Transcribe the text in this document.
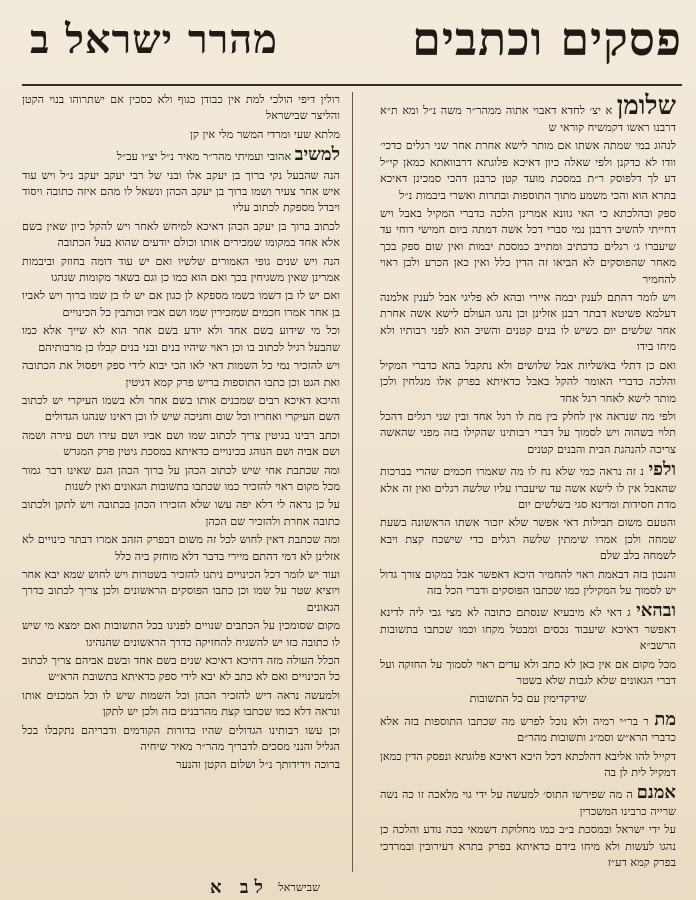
פסקים וכתבים
מהרר ישראל ב

שלומן א יצ׳ לחדא דאבוי אתוה ממהר״ר משה נ״ל ומא ת״א דרבנו ראשו דקמשיח קוראי ש

לנהוג במי שמתה אשתו אם מותר לישא אחרת אחר שני רגלים כדכי׳ וודו לא כדקנן ולפי שאלה כיון דאיכא פלוגתא דרבוואתא כמאן קי״ל דע לך דלפוסק ר״ת במסכת מועד קטן כרבנן דהכי סמכינן דאיכא בתרא הוא והכי משמע מתוך התוספות ובתרות ואשרי ביבמות נ״ל

ספק ובהלכתא כי האי גוונא אמרינן הלכה כדברי המקיל באבל ויש דחייתי להשיב דרבנן נמי סברי דכל אשה דמתה ביום חמישי דוחי עד שיעברו ג׳ רגלים כדכתיב ומתייב כמסכת יבמות ואין שום ספק בכך מאחר שהפוסקים לא הביאו זה הדין כלל ואין כאן הכרע ולכן ראוי להחמיר

ויש לומר דהתם לענין יבמה איירי ובהא לא פליגי אבל לענין אלמנה דעלמא פשיטא דבתר רבנן אזלינן וכן נהגו העולם לישא אשה אחרת אחר שלשים יום כשיש לו בנים קטנים והשיב הוא לפני רבותיו ולא מיחו בידו

ואם כן דתלי באשליות אבל שלושים ולא נתקבל בהא כדברי המקיל והלכה כדברי האומר להקל באבל כדאיתא בפרק אלו מגלחין ולכן מותר לישא לאחר רגל אחד

ולפי מה שנראה אין לחלק בין מת לו רגל אחד ובין שני רגלים דהכל תלוי בשהוה ויש לסמוך על דברי רבותינו שהקילו בזה מפני שהאשה צריכה להנהגת הבית והבנים קטנים

ולפי נ זה נראה כמי שלא נח לו מה שאמרו חכמים שהרי בברכות שהאבל אין לו לישא אשה עד שיעברו עליו שלשה רגלים ואין זה אלא מדת חסידות ומדינא סגי בשלשים יום

והטעם משום תבילות דאי אפשר שלא יזכור אשתו הראשונה בשעת שמחה ולכן אמרו שימתין שלשה רגלים כדי שישכח קצת ויבא לשמחה בלב שלם

והנכון בזה דבאמת ראוי להחמיר היכא דאפשר אבל במקום צורך גדול יש לסמוך על המקילין כמו שכתבו הפוסקים ודברי הכל בזה

ובהאי ג דאי לא מיבעיא שנסתם כתובה לא מצי גבי ליה לדינא דאפשר דאיכא שיעבוד נכסים ומבטל מקחו וכמו שכתבו בתשובות הרשב״א

מכל מקום אם אין כאן לא כתב ולא עדים ראוי לסמוך על החזקה ועל דברי הגאונים שלא לגבות שלא בשטר

שידקדימין עם כל התשובות

מת ר בר״י רמיה ולא נוכל לפרש מה שכתבו התוספות בזה אלא כדברי הרא״ש וסמ״ג ותשובות מהר״ם

דקייל להו אליבא דהלכתא דכל היכא דאיכא פלוגתא ונפסק הדין כמאן דמקיל לית לן בה

אמנם ה מה שפירשו התוס׳ למעשה על ידי גוי מלאכה זו כה נשה שרייה כרבינו המשכרין

על ידי ישראל ובמסכת ב״ב כמו מחלוקת דשמאי בכה נודע והלכה כן נהגו לעשות ולא מיחו בידם כדאיתא בפרק בתרא דעירובין ובמרדכי בפרק קמא דע״ז

רולין דיפי הולכי למת אין כבודן כגוף ולא כסכין אם ישתרוהו בנוי הקטן והליצר שבישראל

מלתא שעי ומרדי המשר מלי אין קן

למשיב אהובי ועמיתי מהר״ר מאיר נ״ל יצ״ו עב״ל

הנה שהבעל נקי ברוך בן יעקב אלו ובני של רבי יעקב יעקב נ״ל ויש עוד איש אחר צעיר ושמו ברוך בן יעקב הכהן ונשאל לו מהם איזה כתובה ויסוד ויבדל מספקת לכתוב עליו

לכתוב ברוך בן יעקב הכהן דאיכא למיחש לאחר ויש להקל כיון שאין בשם אלא אחד במקומו שמכירים אותו וכולם יודעים שהוא בעל הכתובה

הנה ויש שנים גופי האמורים שלשיו ואם יש עוד דומה בחוזק וביבמות אמרינן שאין משגיחין בכך ואם הוא כמו כן וגם בשאר מקומות שנהגו

ואם יש לו בן דשמו כשמו מספקא לן כגון אם יש לו בן שמו ברוך ויש לאביו בן אחר אמרו חכמים שמזכירין שמו ושם אביו וכותבין כל הכינויים

וכל מי שידוע בשם אחד ולא יודע בשם אחר הוא לא שייך אלא כמו שהבעל רגיל לכתוב בו וכן ראוי שיהיו בנים ובני בנים קבלו כן מרבותיהם

ויש להזכיר נמי כל השמות דאי לאו הכי יבוא לידי ספק ויפסול את הכתובה ואת הגט וכן כתבו התוספות בריש פרק קמא דגיטין

והיכא דאיכא רבים שמכנים אותו בשם אחר ולא בשמו העיקרי יש לכתוב השם העיקרי ואחריו וכל שום וחניכה שיש לו וכן ראינו שנהגו הגדולים

וכתב רבינו בגיטין צריך לכתוב שמו ושם אביו ושם עירו ושם עירה ושמה ושם אביה ושם הנוהג בכינויים כדאיתא במסכת גיטין פרק המגרש

ומה שכתבת אחי שיש לכתוב הכהן על ברוך הכהן הגם שאינו דבר גמור מכל מקום ראוי להזכיר כמו שכתבו בתשובות הגאונים ואין לשנות

על כן נראה לי דלא יפה עשו שלא הזכירו הכהן בכתובה ויש לתקן ולכתוב כתובה אחרת ולהזכיר שם הכהן

ומה שכתבת דאין לחוש לכל זה משום דבפרק הזהב אמרו דבתר כינויים לא אזלינן לא דמי דהתם מיירי בדבר דלא מוחזק ביה כלל

ועוד יש לומר דכל הכינויים ניתנו להזכיר בשטרות ויש לחוש שמא יבא אחר ויוציא שטר על שמו וכן כתבו הפוסקים הראשונים ולכן צריך לכתוב כדרך הגאונים

מקום שסומכין על הכתבים שנויים לפנינו בכל התשובות ואם ימצא מי שיש לו כתובה כזו יש להשגיח להחזיקה כדרך הראשונים שהנהיגו

הכלל העולה מזה דהיכא דאיכא שנים בשם אחד ובשם אביהם צריך לכתוב כל הכינויים ואם לא כתב לא יבא לידי ספק כדאיתא בתשובת הרא״ש

ולמעשה נראה דיש להזכיר הכהן וכל השמות שיש לו וכל המכנים אותו ונראה דלא כמו שכתבו קצת מהרבנים בזה ולכן יש לתקן

וכן עשו רבותינו הגדולים שהיו בדורות הקודמים ודבריהם נתקבלו בכל הגליל והנני מסכים לדבריך מהר״ר מאיר שיחיה

ברוכה וידידותך נ״ל ושלום הקטן והנער

שבישראל
לב א
